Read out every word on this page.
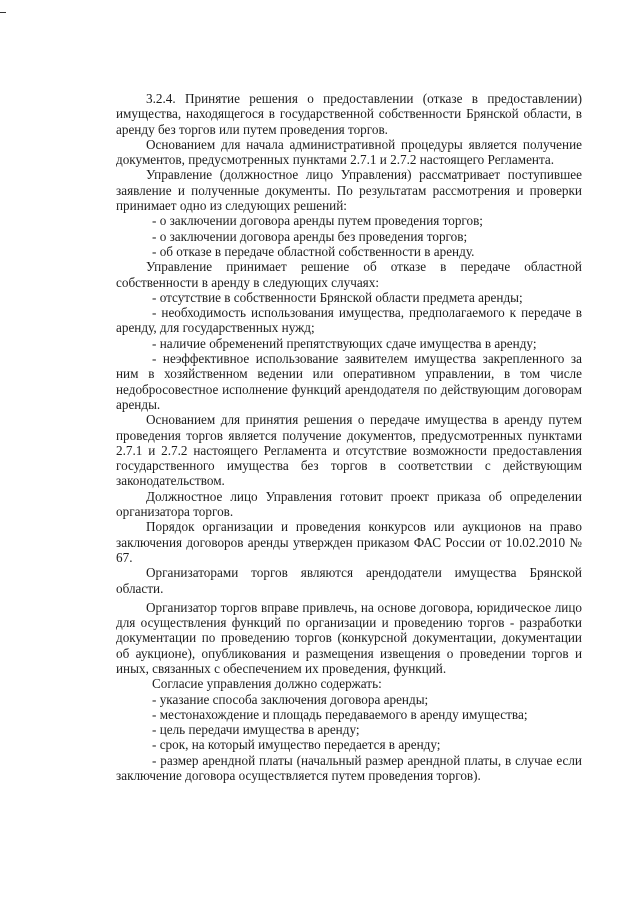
3.2.4. Принятие решения о предоставлении (отказе в предоставлении) имущества, находящегося в государственной собственности Брянской области, в аренду без торгов или путем проведения торгов.

Основанием для начала административной процедуры является получение документов, предусмотренных пунктами 2.7.1 и 2.7.2 настоящего Регламента.

Управление (должностное лицо Управления) рассматривает поступившее заявление и полученные документы. По результатам рассмотрения и проверки принимает одно из следующих решений:

- о заключении договора аренды путем проведения торгов;

- о заключении договора аренды без проведения торгов;

- об отказе в передаче областной собственности в аренду.

Управление принимает решение об отказе в передаче областной собственности в аренду в следующих случаях:

- отсутствие в собственности Брянской области предмета аренды;

- необходимость использования имущества, предполагаемого к передаче в аренду, для государственных нужд;

- наличие обременений препятствующих сдаче имущества в аренду;

- неэффективное использование заявителем имущества закрепленного за ним в хозяйственном ведении или оперативном управлении, в том числе недобросовестное исполнение функций арендодателя по действующим договорам аренды.

Основанием для принятия решения о передаче имущества в аренду путем проведения торгов является получение документов, предусмотренных пунктами 2.7.1 и 2.7.2 настоящего Регламента и отсутствие возможности предоставления государственного имущества без торгов в соответствии с действующим законодательством.

Должностное лицо Управления готовит проект приказа об определении организатора торгов.

Порядок организации и проведения конкурсов или аукционов на право заключения договоров аренды утвержден приказом ФАС России от 10.02.2010 № 67.

Организаторами торгов являются арендодатели имущества Брянской области.

Организатор торгов вправе привлечь, на основе договора, юридическое лицо для осуществления функций по организации и проведению торгов - разработки документации по проведению торгов (конкурсной документации, документации об аукционе), опубликования и размещения извещения о проведении торгов и иных, связанных с обеспечением их проведения, функций.

Согласие управления должно содержать:

- указание способа заключения договора аренды;

- местонахождение и площадь передаваемого в аренду имущества;

- цель передачи имущества в аренду;

- срок, на который имущество передается в аренду;

- размер арендной платы (начальный размер арендной платы, в случае если заключение договора осуществляется путем проведения торгов).
